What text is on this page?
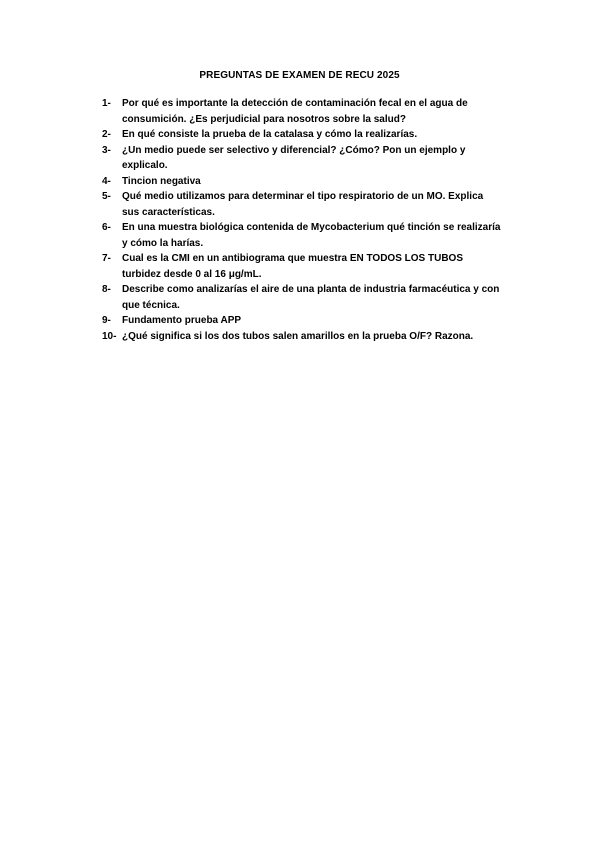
PREGUNTAS DE EXAMEN DE RECU 2025
1-	Por qué es importante la detección de contaminación fecal en el agua de consumición. ¿Es perjudicial para nosotros sobre la salud?
2-	En qué consiste la prueba de la catalasa y cómo la realizarías.
3-	¿Un medio puede ser selectivo y diferencial? ¿Cómo? Pon un ejemplo y explicalo.
4-	Tincion negativa
5-	Qué medio utilizamos para determinar el tipo respiratorio de un MO. Explica sus características.
6-	En una muestra biológica contenida de Mycobacterium qué tinción se realizaría y cómo la harías.
7-	Cual es la CMI en un antibiograma que muestra EN TODOS LOS TUBOS turbidez desde 0 al 16 μg/mL.
8-	Describe como analizarías el aire de una planta de industria farmacéutica y con que técnica.
9-	Fundamento prueba APP
10- ¿Qué significa si los dos tubos salen amarillos en la prueba O/F? Razona.
